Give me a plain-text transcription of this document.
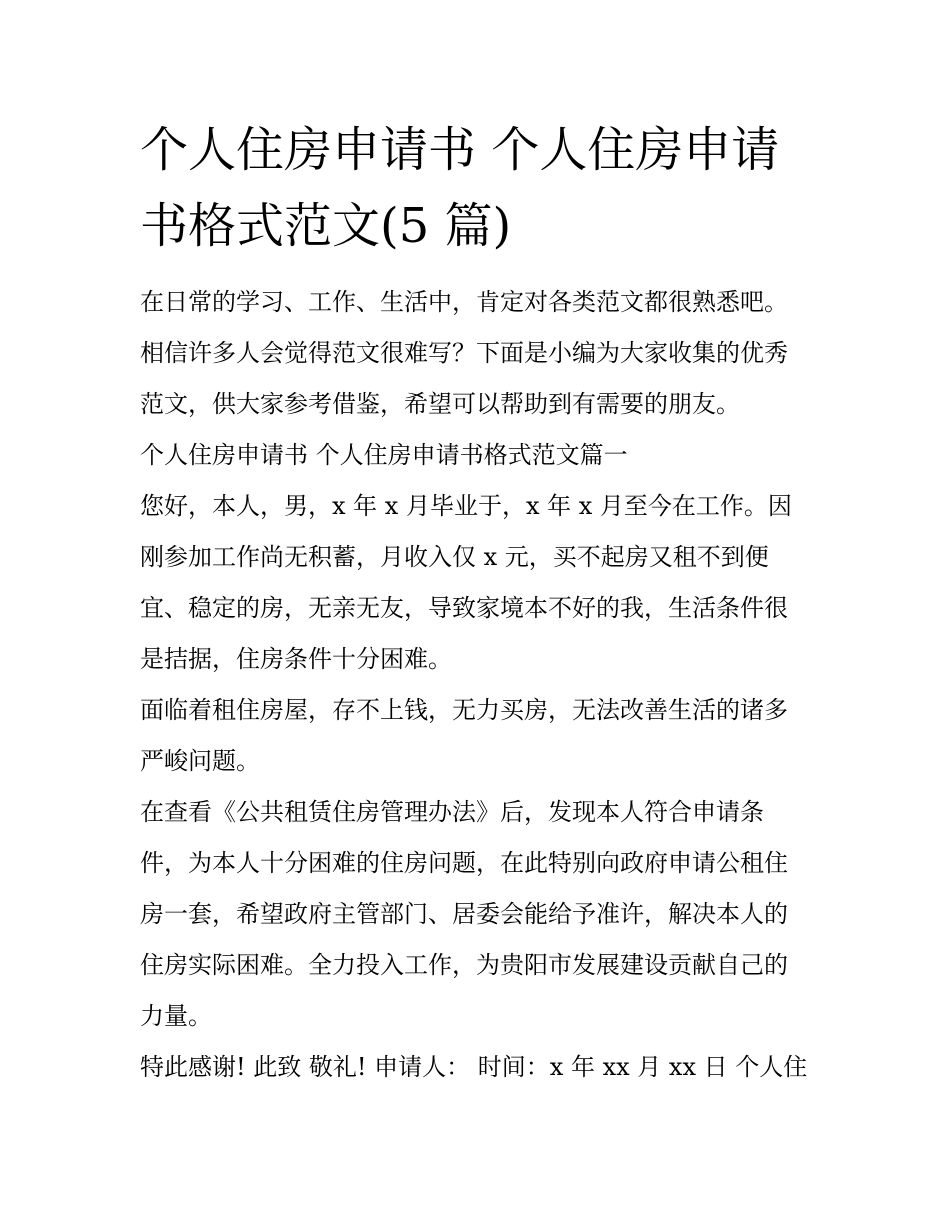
个人住房申请书 个人住房申请
书格式范文(5 篇)
在日常的学习、工作、生活中，肯定对各类范文都很熟悉吧。
相信许多人会觉得范文很难写？下面是小编为大家收集的优秀
范文，供大家参考借鉴，希望可以帮助到有需要的朋友。
个人住房申请书 个人住房申请书格式范文篇一
您好，本人，男，x 年 x 月毕业于，x 年 x 月至今在工作。因
刚参加工作尚无积蓄，月收入仅 x 元，买不起房又租不到便
宜、稳定的房，无亲无友，导致家境本不好的我，生活条件很
是拮据，住房条件十分困难。
面临着租住房屋，存不上钱，无力买房，无法改善生活的诸多
严峻问题。
在查看《公共租赁住房管理办法》后，发现本人符合申请条
件，为本人十分困难的住房问题，在此特别向政府申请公租住
房一套，希望政府主管部门、居委会能给予准许，解决本人的
住房实际困难。全力投入工作，为贵阳市发展建设贡献自己的
力量。
特此感谢! 此致 敬礼! 申请人： 时间：x 年 xx 月 xx 日 个人住
